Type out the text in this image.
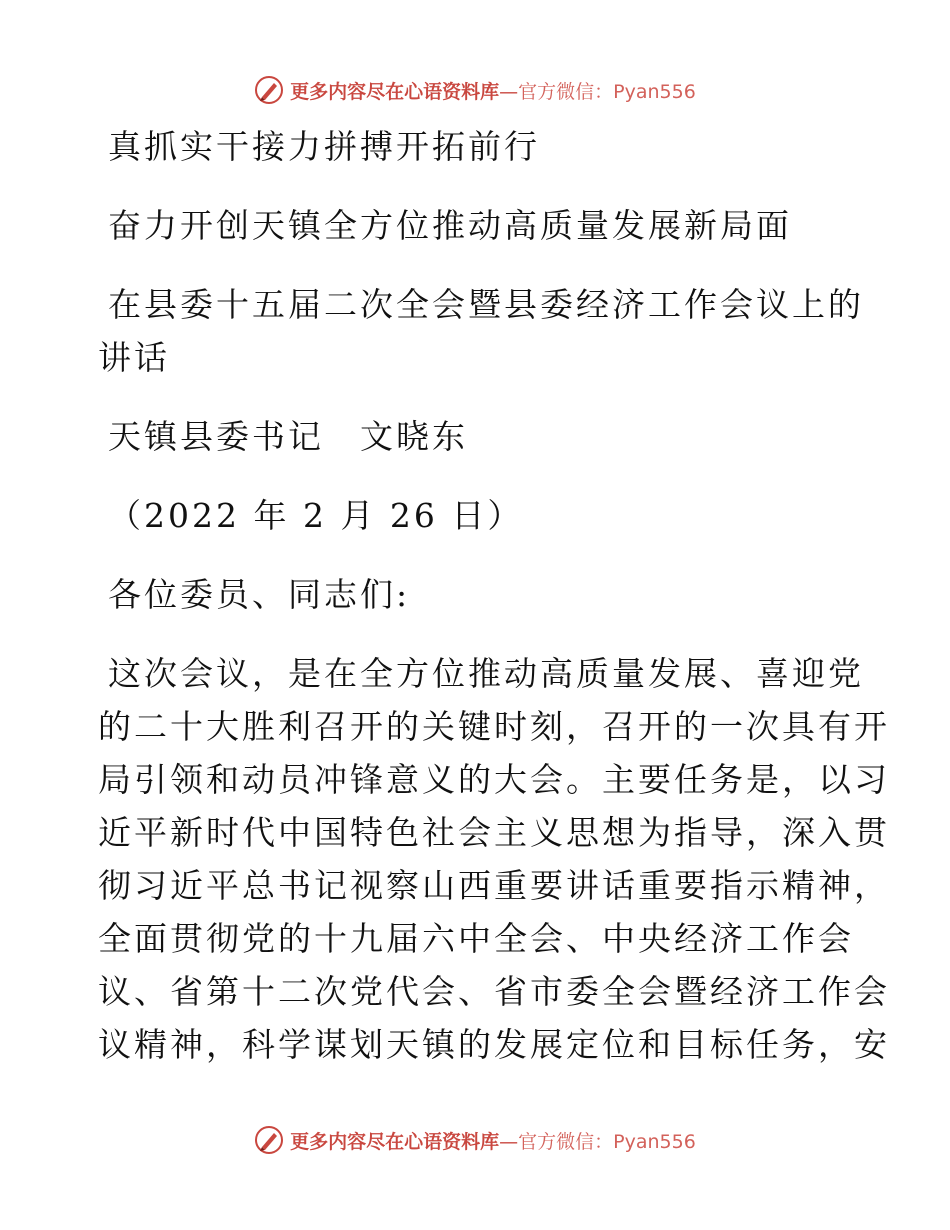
更多内容尽在心语资料库—官方微信：Pyan556

真抓实干接力拼搏开拓前行

奋力开创天镇全方位推动高质量发展新局面

在县委十五届二次全会暨县委经济工作会议上的

讲话

天镇县委书记　文晓东

（2022 年 2 月 26 日）

各位委员、同志们:

这次会议，是在全方位推动高质量发展、喜迎党

的二十大胜利召开的关键时刻，召开的一次具有开

局引领和动员冲锋意义的大会。主要任务是，以习

近平新时代中国特色社会主义思想为指导，深入贯

彻习近平总书记视察山西重要讲话重要指示精神，

全面贯彻党的十九届六中全会、中央经济工作会

议、省第十二次党代会、省市委全会暨经济工作会

议精神，科学谋划天镇的发展定位和目标任务，安

更多内容尽在心语资料库—官方微信：Pyan556
